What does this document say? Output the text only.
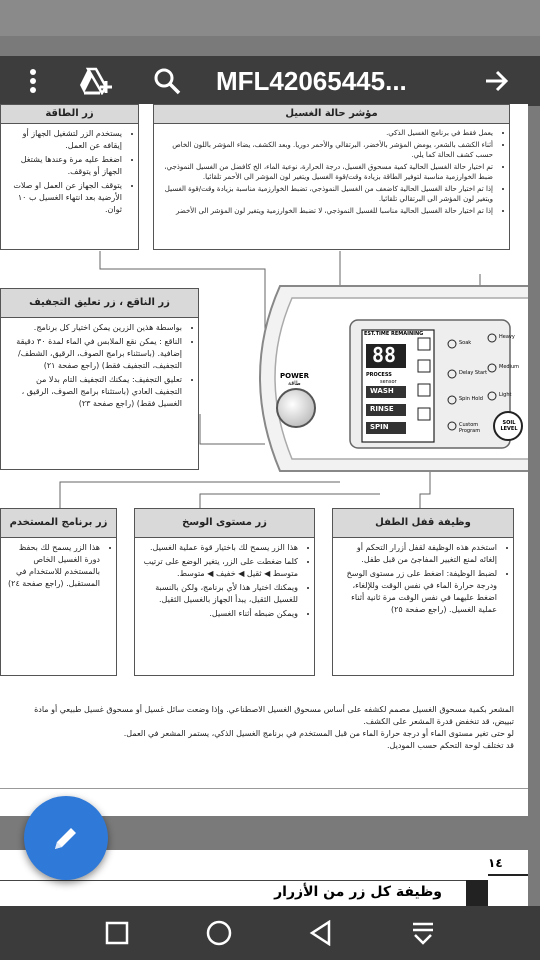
MFL42065445...
زر الطاقة
• يستخدم الزر لتشغيل الجهاز أو إيقافه عن العمل.
• اضغط عليه مرة وعندها يشتغل الجهاز أو يتوقف.
• يتوقف الجهاز عن العمل او صلات الأرضية بعد انتهاء الغسيل ب ١٠ ثوان.
مؤشر حالة الغسيل
• يعمل فقط في برنامج الغسيل الذكي.
• أثناء الكشف بالشعر، يومض المؤشر بالأخضر، البرتقالي والأحمر دوريا. وبعد الكشف، يضاء المؤشر باللون الخاص حسب كشف الحالة كما يلي.
• تم اختيار حالة الغسيل الحالية كمية مسحوق الغسيل، درجة الحرارة، نوعية الماء، الخ كافضل من الغسيل النموذجي، ضبط الخوارزمية مناسبة لتوفير الطاقة بزيادة وقت/قوة الغسيل ويتغير لون المؤشر الى الأحمر تلقائيا.
• إذا تم اختيار حالة الغسيل الحالية كاضعف من الغسيل النموذجي، تضبط الخوارزمية مناسبة بزيادة وقت/قوة الغسيل ويتغير لون المؤشر الى البرتقالي تلقائيا.
• إذا تم اختيار حالة الغسيل الحالية مناسبا للغسيل النموذجي، لا تضبط الخوارزمية ويتغير لون المؤشر الى الأخضر
زر الناقع ، زر تعليق التجفيف
• بواسطة هذين الزرين يمكن اختيار كل برنامج.
• الناقع : يمكن نقع الملابس في الماء لمدة ٣٠ دقيقة إضافية. (باستثناء برامج الصوف، الرقيق، الشطف/التجفيف، التجفيف فقط) (راجع صفحة ٢١)
• تعليق التجفيف: يمكنك التجفيف التام بدلا من التجفيف العادي (باستثناء برامج الصوف، الرقيق ، الغسيل فقط) (راجع صفحة ٢٣)
POWER
طاقة
EST.TIME REMAINING
88
PROCESS
sensor
WASH
RINSE
SPIN
Soak
Delay Start
Spin Hold
Custom Program
Heavy
Medium
Light
SOIL LEVEL
زر برنامج المستخدم
• هذا الزر يسمح لك بحفظ دورة الغسيل الخاص بالمستخدم للاستخدام في المستقبل. (راجع صفحة ٢٤)
زر مستوى الوسخ
• هذا الزر يسمح لك باختيار قوة عملية الغسيل.
• كلما ضغطت على الزر، يتغير الوضع على ترتيب متوسط ◀ ثقيل ◀ خفيف ◀ متوسط.
• ويمكنك اختيار هذا لأي برنامج، ولكن بالنسبة للغسيل الثقيل، يبدأ الجهاز بالغسيل الثقيل.
• ويمكن ضبطه أثناء الغسيل.
وظيفة قفل الطفل
• استخدم هذه الوظيفة لقفل أزرار التحكم أو إلغائه لمنع التغيير المفاجئ من قبل طفل.
• لضبط الوظيفة: اضغط على زر مستوى الوسخ ودرجة حرارة الماء في نفس الوقت وللإلغاء، اضغط عليهما في نفس الوقت مرة ثانية أثناء عملية الغسيل. (راجع صفحة ٢٥)

المشعر بكمية مسحوق الغسيل مصمم لكشفه على أساس مسحوق الغسيل الاصطناعي. وإذا وضعت سائل غسيل أو مسحوق غسيل طبيعي أو مادة تبييض، قد تنخفض قدرة المشعر على الكشف.

لو حتى تغير مستوى الماء أو درجة حرارة الماء من قبل المستخدم في برنامج الغسيل الذكي، يستمر المشعر في العمل.

قد تختلف لوحة التحكم حسب الموديل.

١٤
وظيفة كل زر من الأزرار
